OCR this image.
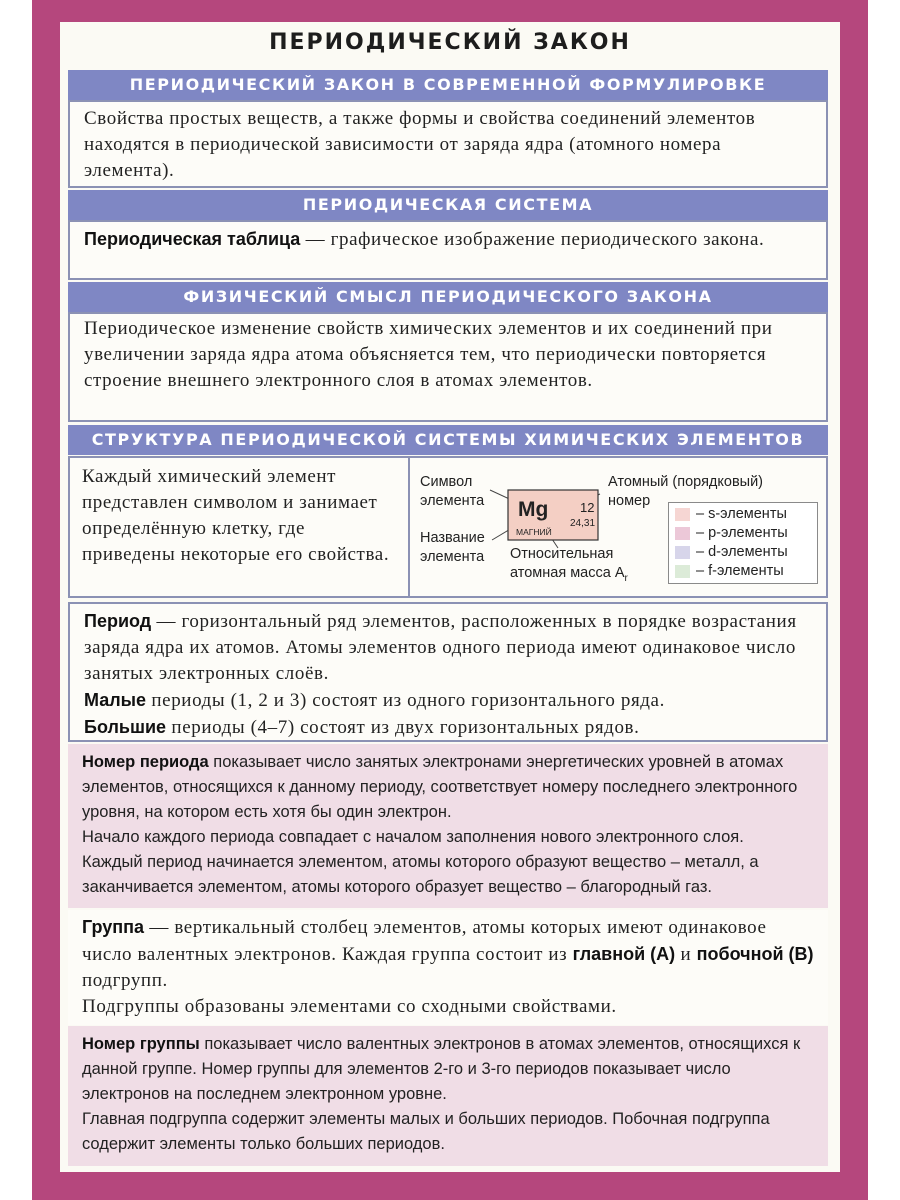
ПЕРИОДИЧЕСКИЙ ЗАКОН
ПЕРИОДИЧЕСКИЙ ЗАКОН В СОВРЕМЕННОЙ ФОРМУЛИРОВКЕ
Свойства простых веществ, а также формы и свойства соединений элементов находятся в периодической зависимости от заряда ядра (атомного номера элемента).
ПЕРИОДИЧЕСКАЯ СИСТЕМА
Периодическая таблица — графическое изображение периодического закона.
ФИЗИЧЕСКИЙ СМЫСЛ ПЕРИОДИЧЕСКОГО ЗАКОНА
Периодическое изменение свойств химических элементов и их соединений при увеличении заряда ядра атома объясняется тем, что периодически повторяется строение внешнего электронного слоя в атомах элементов.
СТРУКТУРА ПЕРИОДИЧЕСКОЙ СИСТЕМЫ ХИМИЧЕСКИХ ЭЛЕМЕНТОВ
Каждый химический элемент представлен символом и занимает определённую клетку, где приведены некоторые его свойства.
Mg 12
24,31
МАГНИЙ
Символ
элемента
Атомный (порядковый)
номер
Название
элемента Относительная
атомная масса $A_r$
– s-элементы
– p-элементы
– d-элементы
– f-элементы

Период — горизонтальный ряд элементов, расположенных в порядке возрастания заряда ядра их атомов. Атомы элементов одного периода имеют одинаковое число занятых электронных слоёв.

Малые периоды (1, 2 и 3) состоят из одного горизонтального ряда.

Большие периоды (4–7) состоят из двух горизонтальных рядов.

Номер периода показывает число занятых электронами энергетических уровней в атомах элементов, относящихся к данному периоду, соответствует номеру последнего электронного уровня, на котором есть хотя бы один электрон.

Начало каждого периода совпадает с началом заполнения нового электронного слоя.

Каждый период начинается элементом, атомы которого образуют вещество – металл, а заканчивается элементом, атомы которого образует вещество – благородный газ.

Группа — вертикальный столбец элементов, атомы которых имеют одинаковое число валентных электронов. Каждая группа состоит из главной (А) и побочной (В) подгрупп.

Подгруппы образованы элементами со сходными свойствами.

Номер группы показывает число валентных электронов в атомах элементов, относящихся к данной группе. Номер группы для элементов 2-го и 3-го периодов показывает число электронов на последнем электронном уровне.

Главная подгруппа содержит элементы малых и больших периодов. Побочная подгруппа содержит элементы только больших периодов.
